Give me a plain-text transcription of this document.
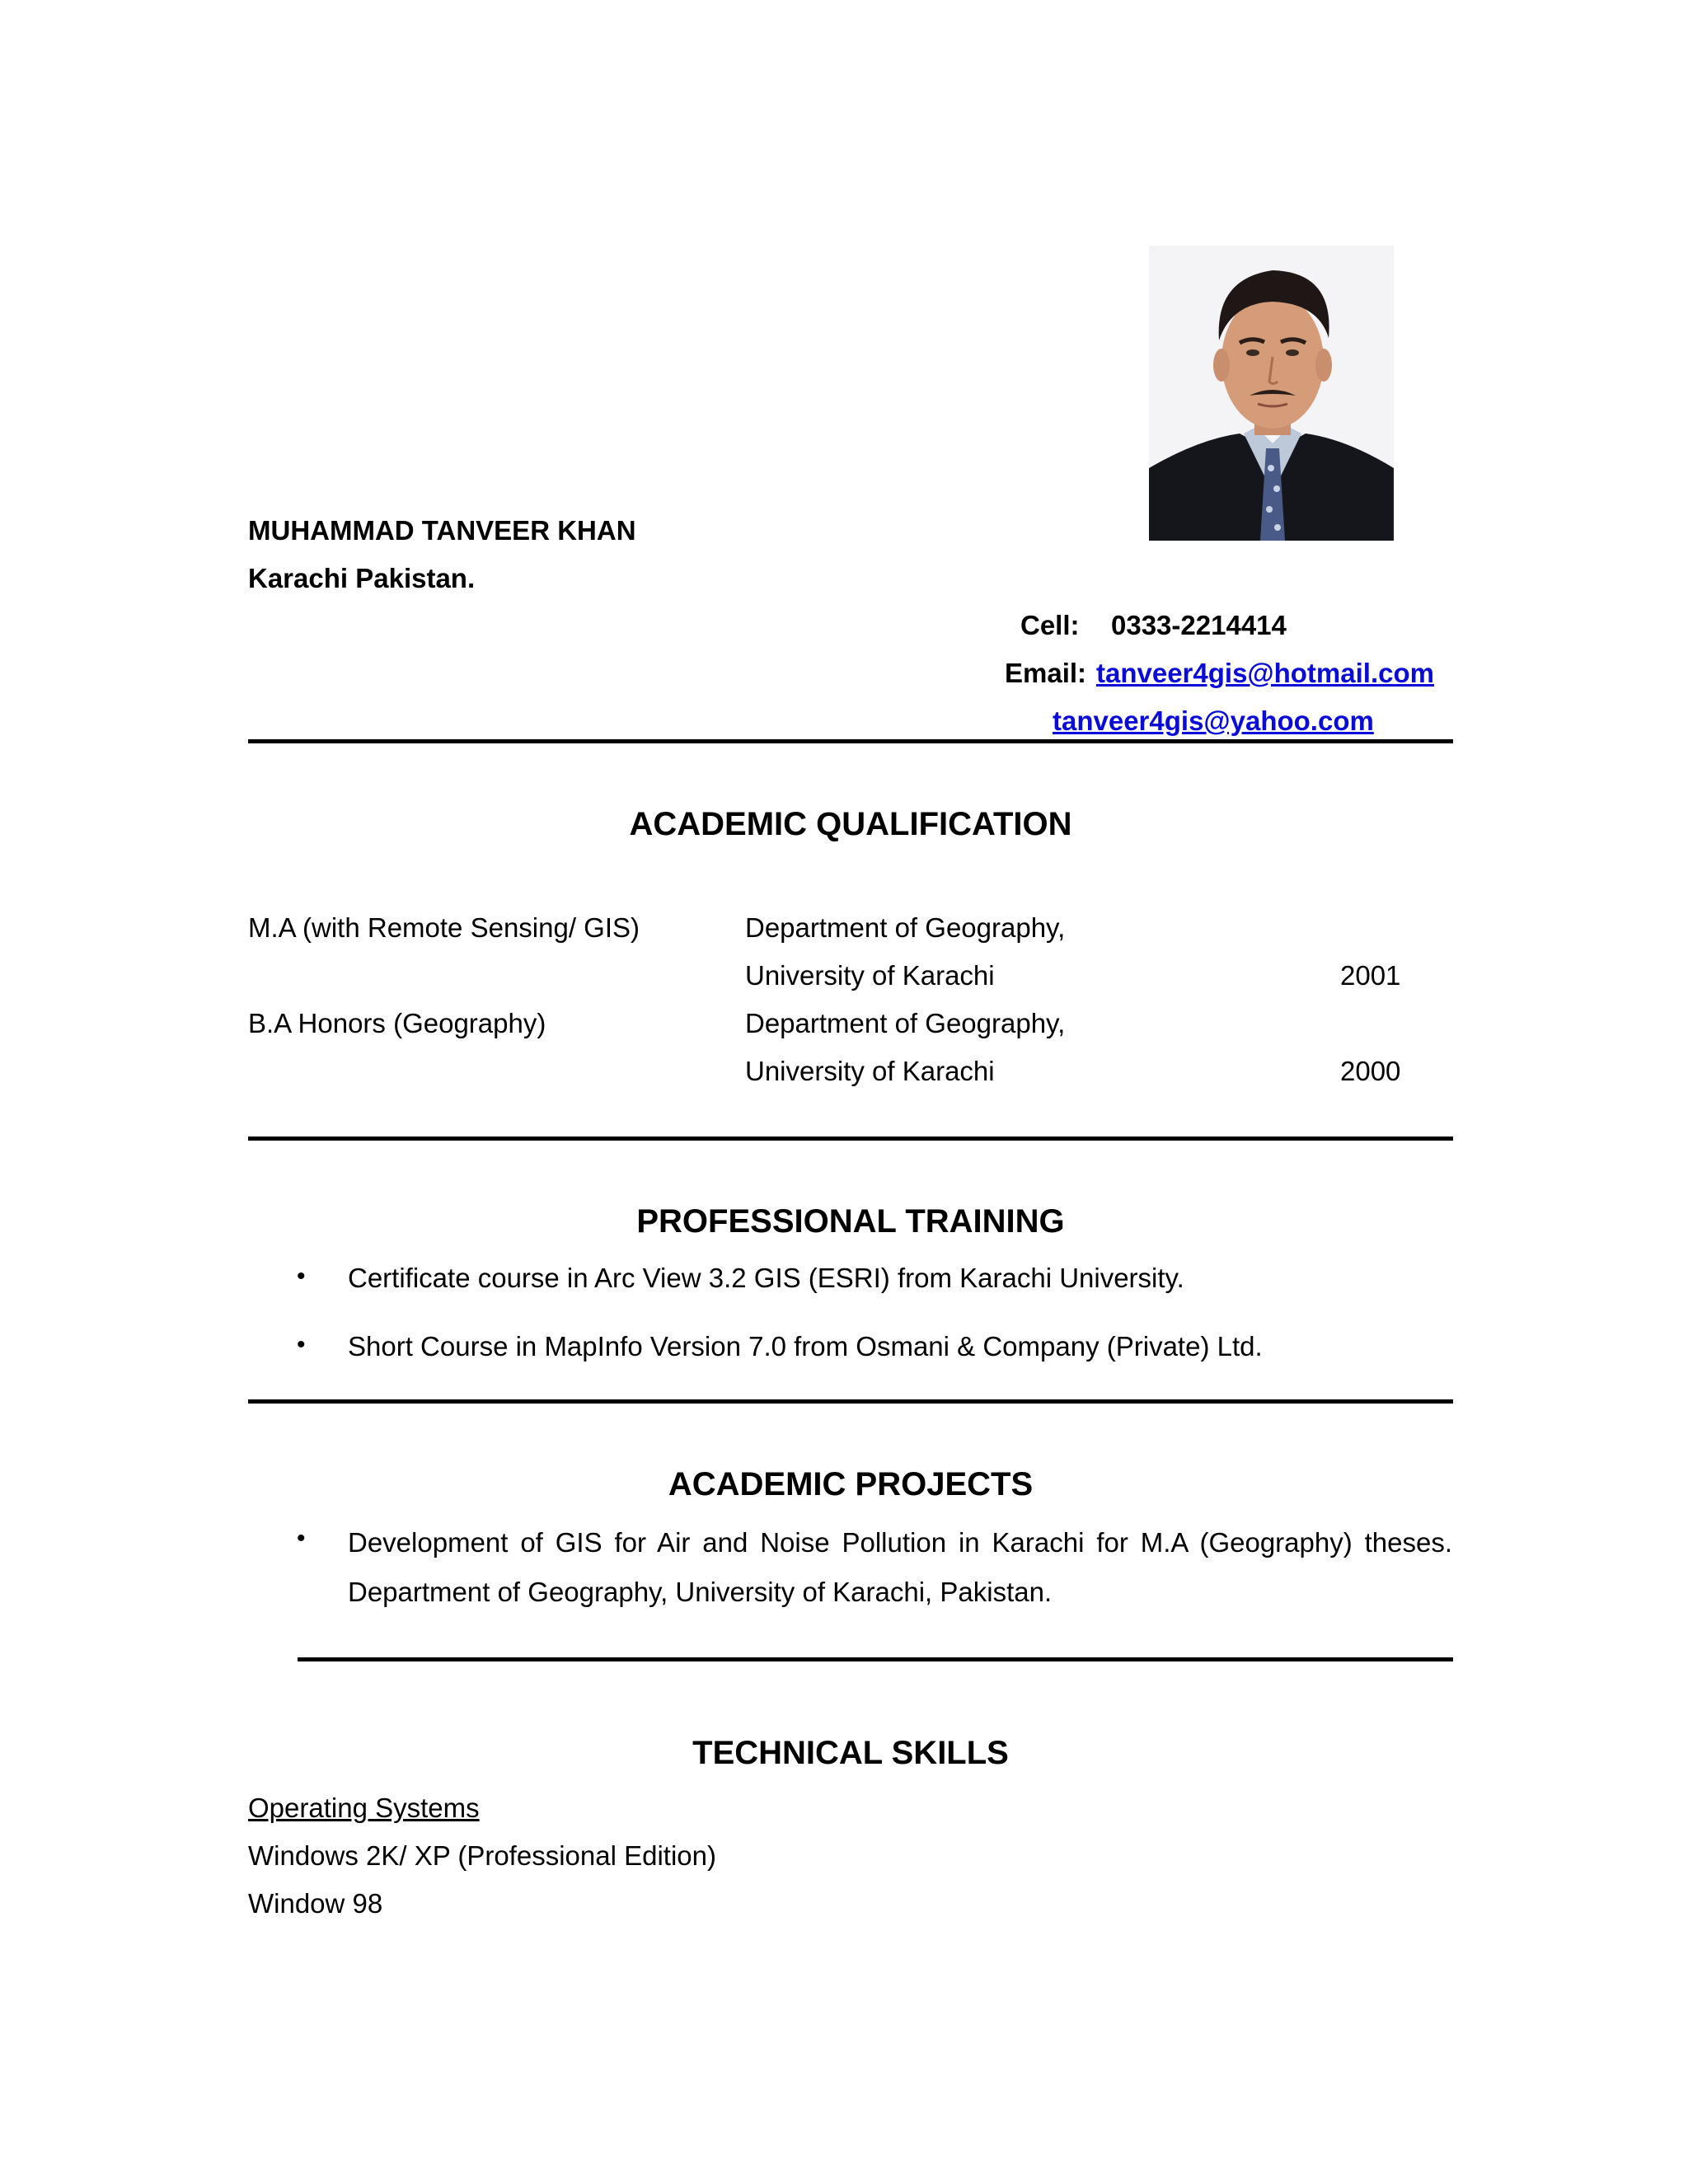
MUHAMMAD TANVEER KHAN
Karachi Pakistan.
Cell: 0333-2214414
Email: tanveer4gis@hotmail.com
tanveer4gis@yahoo.com
ACADEMIC QUALIFICATION
M.A (with Remote Sensing/ GIS)	Department of Geography,
University of Karachi	2001
B.A Honors (Geography)	Department of Geography,
University of Karachi	2000
PROFESSIONAL TRAINING
• Certificate course in Arc View 3.2 GIS (ESRI) from Karachi University.
• Short Course in MapInfo Version 7.0 from Osmani & Company (Private) Ltd.
ACADEMIC PROJECTS
• Development of GIS for Air and Noise Pollution in Karachi for M.A (Geography) theses. Department of Geography, University of Karachi, Pakistan.
TECHNICAL SKILLS
Operating Systems
Windows 2K/ XP (Professional Edition)
Window 98
